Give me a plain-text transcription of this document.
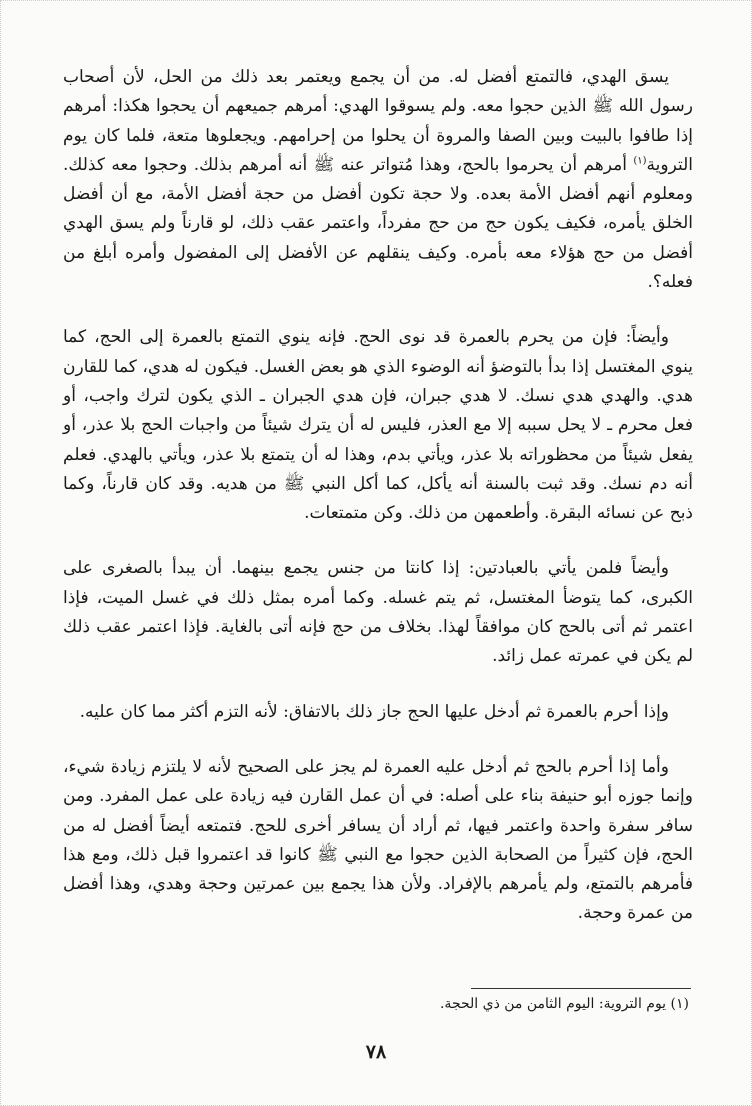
يسق الهدي، فالتمتع أفضل له. من أن يجمع ويعتمر بعد ذلك من الحل، لأن أصحاب رسول الله ﷺ الذين حجوا معه. ولم يسوقوا الهدي: أمرهم جميعهم أن يحجوا هكذا: أمرهم إذا طافوا بالبيت وبين الصفا والمروة أن يحلوا من إحرامهم. ويجعلوها متعة، فلما كان يوم التروية$^{(١)}$ أمرهم أن يحرموا بالحج، وهذا مُتواتر عنه ﷺ أنه أمرهم بذلك. وحجوا معه كذلك. ومعلوم أنهم أفضل الأمة بعده. ولا حجة تكون أفضل من حجة أفضل الأمة، مع أن أفضل الخلق يأمره، فكيف يكون حج من حج مفرداً، واعتمر عقب ذلك، لو قارناً ولم يسق الهدي أفضل من حج هؤلاء معه بأمره. وكيف ينقلهم عن الأفضل إلى المفضول وأمره أبلغ من فعله؟.

وأيضاً: فإن من يحرم بالعمرة قد نوى الحج. فإنه ينوي التمتع بالعمرة إلى الحج، كما ينوي المغتسل إذا بدأ بالتوضؤ أنه الوضوء الذي هو بعض الغسل. فيكون له هدي، كما للقارن هدي. والهدي هدي نسك. لا هدي جبران، فإن هدي الجبران ـ الذي يكون لترك واجب، أو فعل محرم ـ لا يحل سببه إلا مع العذر، فليس له أن يترك شيئاً من واجبات الحج بلا عذر، أو يفعل شيئاً من محظوراته بلا عذر، ويأتي بدم، وهذا له أن يتمتع بلا عذر، ويأتي بالهدي. فعلم أنه دم نسك. وقد ثبت بالسنة أنه يأكل، كما أكل النبي ﷺ من هديه. وقد كان قارناً، وكما ذبح عن نسائه البقرة. وأطعمهن من ذلك. وكن متمتعات.

وأيضاً فلمن يأتي بالعبادتين: إذا كانتا من جنس يجمع بينهما. أن يبدأ بالصغرى على الكبرى، كما يتوضأ المغتسل، ثم يتم غسله. وكما أمره بمثل ذلك في غسل الميت، فإذا اعتمر ثم أتى بالحج كان موافقاً لهذا. بخلاف من حج فإنه أتى بالغاية. فإذا اعتمر عقب ذلك لم يكن في عمرته عمل زائد.

وإذا أحرم بالعمرة ثم أدخل عليها الحج جاز ذلك بالاتفاق: لأنه التزم أكثر مما كان عليه.

وأما إذا أحرم بالحج ثم أدخل عليه العمرة لم يجز على الصحيح لأنه لا يلتزم زيادة شيء، وإنما جوزه أبو حنيفة بناء على أصله: في أن عمل القارن فيه زيادة على عمل المفرد. ومن سافر سفرة واحدة واعتمر فيها، ثم أراد أن يسافر أخرى للحج. فتمتعه أيضاً أفضل له من الحج، فإن كثيراً من الصحابة الذين حجوا مع النبي ﷺ كانوا قد اعتمروا قبل ذلك، ومع هذا فأمرهم بالتمتع، ولم يأمرهم بالإفراد. ولأن هذا يجمع بين عمرتين وحجة وهدي، وهذا أفضل من عمرة وحجة.

(١) يوم التروية: اليوم الثامن من ذي الحجة.

٧٨
